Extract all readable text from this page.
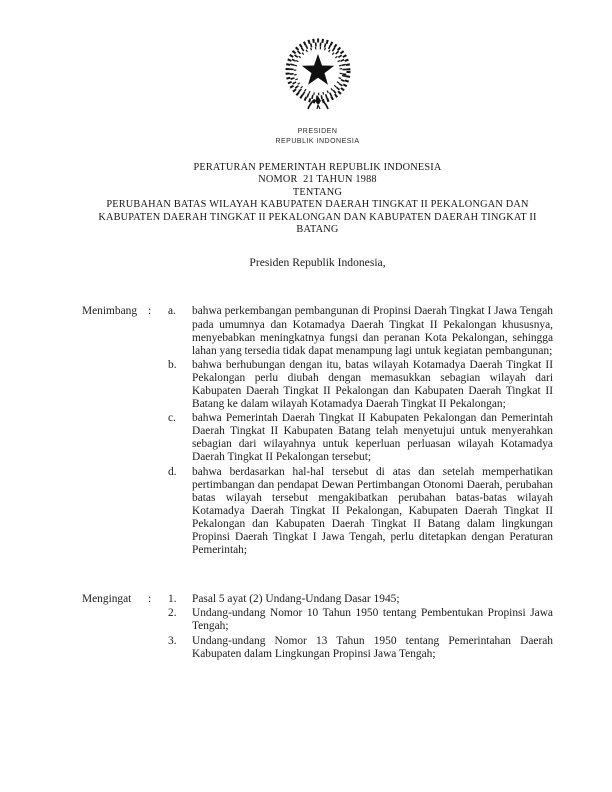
PRESIDEN
REPUBLIK INDONESIA
PERATURAN PEMERINTAH REPUBLIK INDONESIA
NOMOR  21 TAHUN 1988
TENTANG
PERUBAHAN BATAS WILAYAH KABUPATEN DAERAH TINGKAT II PEKALONGAN DAN KABUPATEN DAERAH TINGKAT II PEKALONGAN DAN KABUPATEN DAERAH TINGKAT II BATANG
Presiden Republik Indonesia,
Menimbang :	a.	bahwa perkembangan pembangunan di Propinsi Daerah Tingkat I Jawa Tengah pada umumnya dan Kotamadya Daerah Tingkat II Pekalongan khususnya, menyebabkan meningkatnya fungsi dan peranan Kota Pekalongan, sehingga lahan yang tersedia tidak dapat menampung lagi untuk kegiatan pembangunan;
b.	bahwa berhubungan dengan itu, batas wilayah Kotamadya Daerah Tingkat II Pekalongan perlu diubah dengan memasukkan sebagian wilayah dari Kabupaten Daerah Tingkat II Pekalongan dan Kabupaten Daerah Tingkat II Batang ke dalam wilayah Kotamadya Daerah Tingkat II Pekalongan;
c.	bahwa Pemerintah Daerah Tingkat II Kabupaten Pekalongan dan Pemerintah Daerah Tingkat II Kabupaten Batang telah menyetujui untuk menyerahkan sebagian dari wilayahnya untuk keperluan perluasan wilayah Kotamadya Daerah Tingkat II Pekalongan tersebut;
d.	bahwa berdasarkan hal-hal tersebut di atas dan setelah memperhatikan pertimbangan dan pendapat Dewan Pertimbangan Otonomi Daerah, perubahan batas wilayah tersebut mengakibatkan perubahan batas-batas wilayah Kotamadya Daerah Tingkat II Pekalongan, Kabupaten Daerah Tingkat II Pekalongan dan Kabupaten Daerah Tingkat II Batang dalam lingkungan Propinsi Daerah Tingkat I Jawa Tengah, perlu ditetapkan dengan Peraturan Pemerintah;
Mengingat	:	1.	Pasal 5 ayat (2) Undang-Undang Dasar 1945;
2.	Undang-undang Nomor 10 Tahun 1950 tentang Pembentukan Propinsi Jawa Tengah;
3.	Undang-undang Nomor 13 Tahun 1950 tentang Pemerintahan Daerah Kabupaten dalam Lingkungan Propinsi Jawa Tengah;
